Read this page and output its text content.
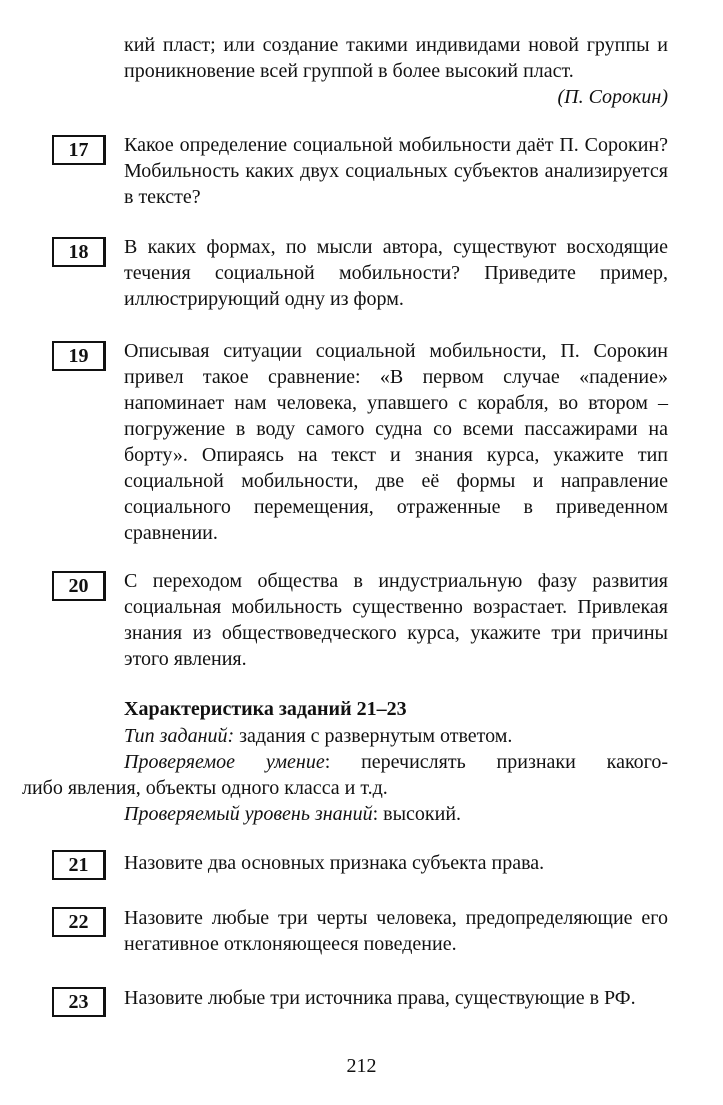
кий пласт; или создание такими индивидами новой группы и проникновение всей группой в более высокий пласт.
(П. Сорокин)
17	Какое определение социальной мобильности даёт П. Сорокин? Мобильность каких двух социальных субъектов анализируется в тексте?
18	В каких формах, по мысли автора, существуют восходящие течения социальной мобильности? Приведите пример, иллюстрирующий одну из форм.
19	Описывая ситуации социальной мобильности, П. Сорокин привел такое сравнение: «В первом случае «падение» напоминает нам человека, упавшего с корабля, во втором – погружение в воду самого судна со всеми пассажирами на борту». Опираясь на текст и знания курса, укажите тип социальной мобильности, две её формы и направление социального перемещения, отраженные в приведенном сравнении.
20	С переходом общества в индустриальную фазу развития социальная мобильность существенно возрастает. Привлекая знания из обществоведческого курса, укажите три причины этого явления.
Характеристика заданий 21–23
Тип заданий: задания с развернутым ответом.
Проверяемое умение: перечислять признаки какого-
либо явления, объекты одного класса и т.д.
Проверяемый уровень знаний: высокий.
21	Назовите два основных признака субъекта права.
22	Назовите любые три черты человека, предопределяющие его негативное отклоняющееся поведение.
23	Назовите любые три источника права, существующие в РФ.
212
